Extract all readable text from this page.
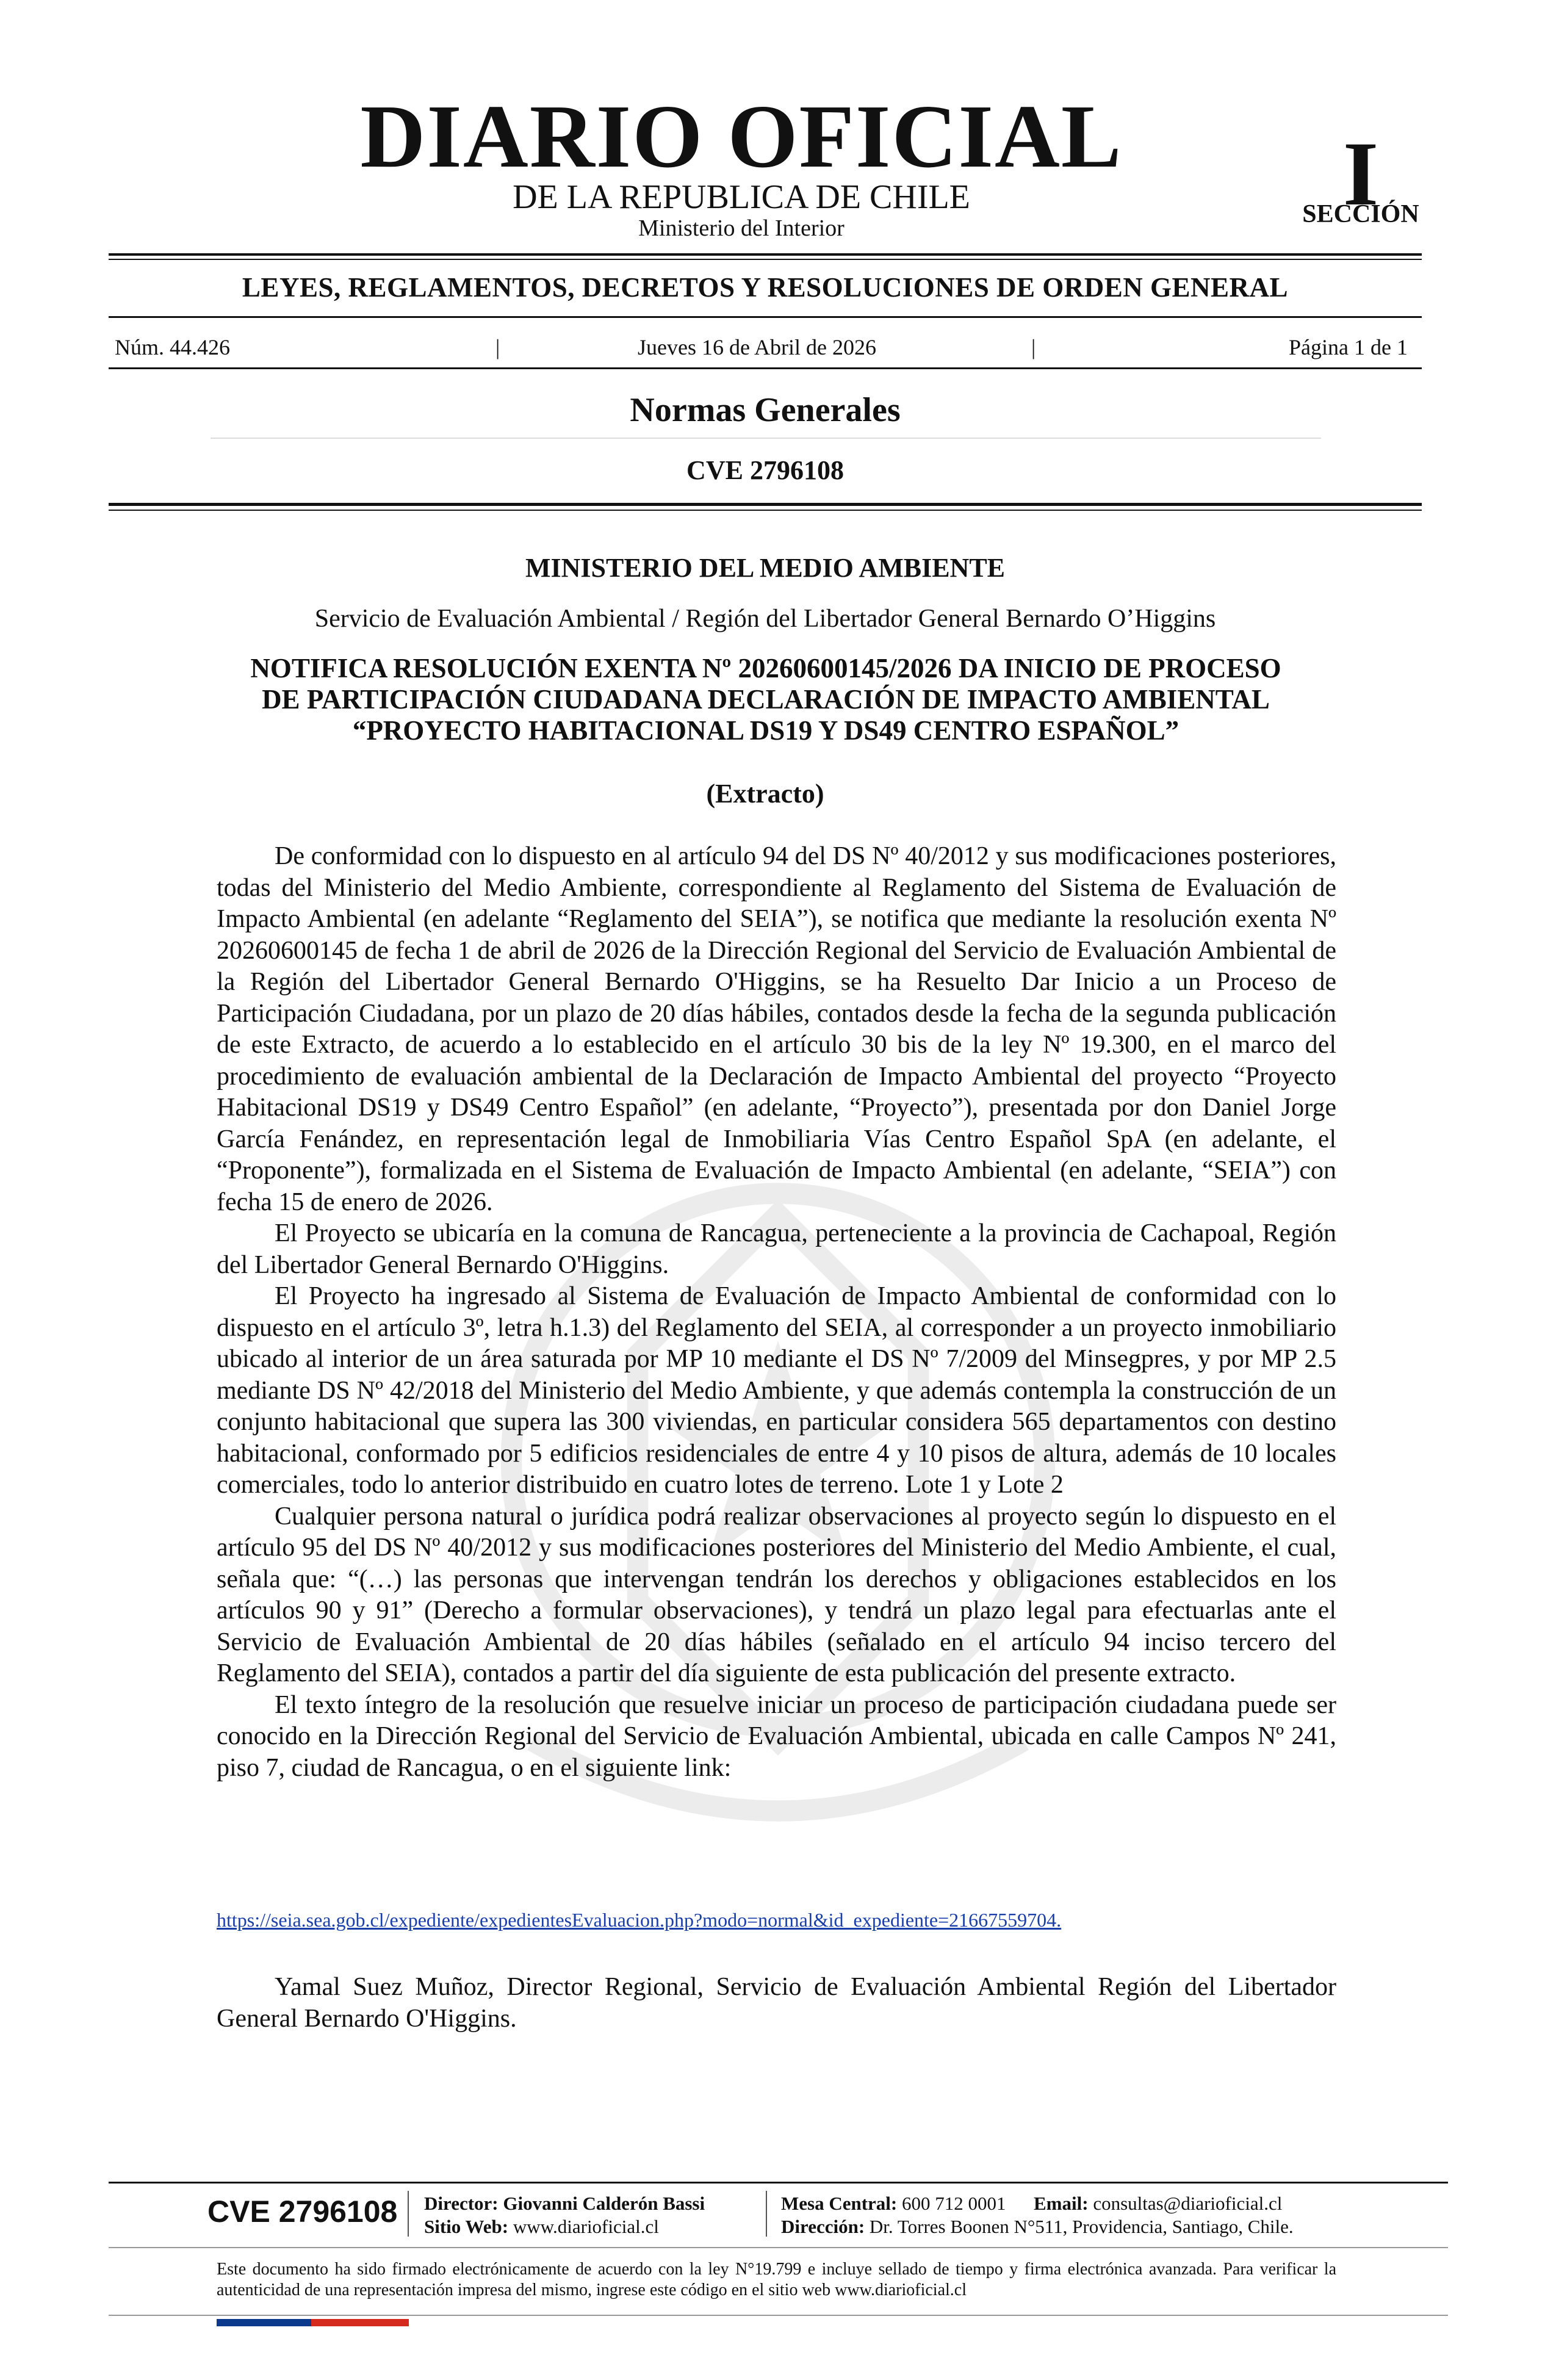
DIARIO OFICIAL
DE LA REPUBLICA DE CHILE
Ministerio del Interior
I
SECCIÓN
LEYES, REGLAMENTOS, DECRETOS Y RESOLUCIONES DE ORDEN GENERAL
Núm. 44.426	|	Jueves 16 de Abril de 2026	|	Página 1 de 1
Normas Generales
CVE 2796108
MINISTERIO DEL MEDIO AMBIENTE
Servicio de Evaluación Ambiental / Región del Libertador General Bernardo O’Higgins
NOTIFICA RESOLUCIÓN EXENTA Nº 20260600145/2026 DA INICIO DE PROCESO
DE PARTICIPACIÓN CIUDADANA DECLARACIÓN DE IMPACTO AMBIENTAL
“PROYECTO HABITACIONAL DS19 Y DS49 CENTRO ESPAÑOL”
(Extracto)

De conformidad con lo dispuesto en al artículo 94 del DS Nº 40/2012 y sus modificaciones posteriores, todas del Ministerio del Medio Ambiente, correspondiente al Reglamento del Sistema de Evaluación de Impacto Ambiental (en adelante “Reglamento del SEIA”), se notifica que mediante la resolución exenta Nº 20260600145 de fecha 1 de abril de 2026 de la Dirección Regional del Servicio de Evaluación Ambiental de la Región del Libertador General Bernardo O'Higgins, se ha Resuelto Dar Inicio a un Proceso de Participación Ciudadana, por un plazo de 20 días hábiles, contados desde la fecha de la segunda publicación de este Extracto, de acuerdo a lo establecido en el artículo 30 bis de la ley Nº 19.300, en el marco del procedimiento de evaluación ambiental de la Declaración de Impacto Ambiental del proyecto “Proyecto Habitacional DS19 y DS49 Centro Español” (en adelante, “Proyecto”), presentada por don Daniel Jorge García Fenández, en representación legal de Inmobiliaria Vías Centro Español SpA (en adelante, el “Proponente”), formalizada en el Sistema de Evaluación de Impacto Ambiental (en adelante, “SEIA”) con fecha 15 de enero de 2026.

El Proyecto se ubicaría en la comuna de Rancagua, perteneciente a la provincia de Cachapoal, Región del Libertador General Bernardo O'Higgins.

El Proyecto ha ingresado al Sistema de Evaluación de Impacto Ambiental de conformidad con lo dispuesto en el artículo 3º, letra h.1.3) del Reglamento del SEIA, al corresponder a un proyecto inmobiliario ubicado al interior de un área saturada por MP 10 mediante el DS Nº 7/2009 del Minsegpres, y por MP 2.5 mediante DS Nº 42/2018 del Ministerio del Medio Ambiente, y que además contempla la construcción de un conjunto habitacional que supera las 300 viviendas, en particular considera 565 departamentos con destino habitacional, conformado por 5 edificios residenciales de entre 4 y 10 pisos de altura, además de 10 locales comerciales, todo lo anterior distribuido en cuatro lotes de terreno. Lote 1 y Lote 2

Cualquier persona natural o jurídica podrá realizar observaciones al proyecto según lo dispuesto en el artículo 95 del DS Nº 40/2012 y sus modificaciones posteriores del Ministerio del Medio Ambiente, el cual, señala que: “(…) las personas que intervengan tendrán los derechos y obligaciones establecidos en los artículos 90 y 91” (Derecho a formular observaciones), y tendrá un plazo legal para efectuarlas ante el Servicio de Evaluación Ambiental de 20 días hábiles (señalado en el artículo 94 inciso tercero del Reglamento del SEIA), contados a partir del día siguiente de esta publicación del presente extracto.

El texto íntegro de la resolución que resuelve iniciar un proceso de participación ciudadana puede ser conocido en la Dirección Regional del Servicio de Evaluación Ambiental, ubicada en calle Campos Nº 241, piso 7, ciudad de Rancagua, o en el siguiente link:

https://seia.sea.gob.cl/expediente/expedientesEvaluacion.php?modo=normal&id_expediente=21667559704.
Yamal Suez Muñoz, Director Regional, Servicio de Evaluación Ambiental Región del Libertador General Bernardo O'Higgins.
CVE 2796108 Director: Giovanni Calderón Bassi
Sitio Web: www.diarioficial.cl
Mesa Central: 600 712 0001 Email: consultas@diarioficial.cl
Dirección: Dr. Torres Boonen N°511, Providencia, Santiago, Chile.
Este documento ha sido firmado electrónicamente de acuerdo con la ley N°19.799 e incluye sellado de tiempo y firma electrónica avanzada. Para verificar la autenticidad de una representación impresa del mismo, ingrese este código en el sitio web www.diarioficial.cl
